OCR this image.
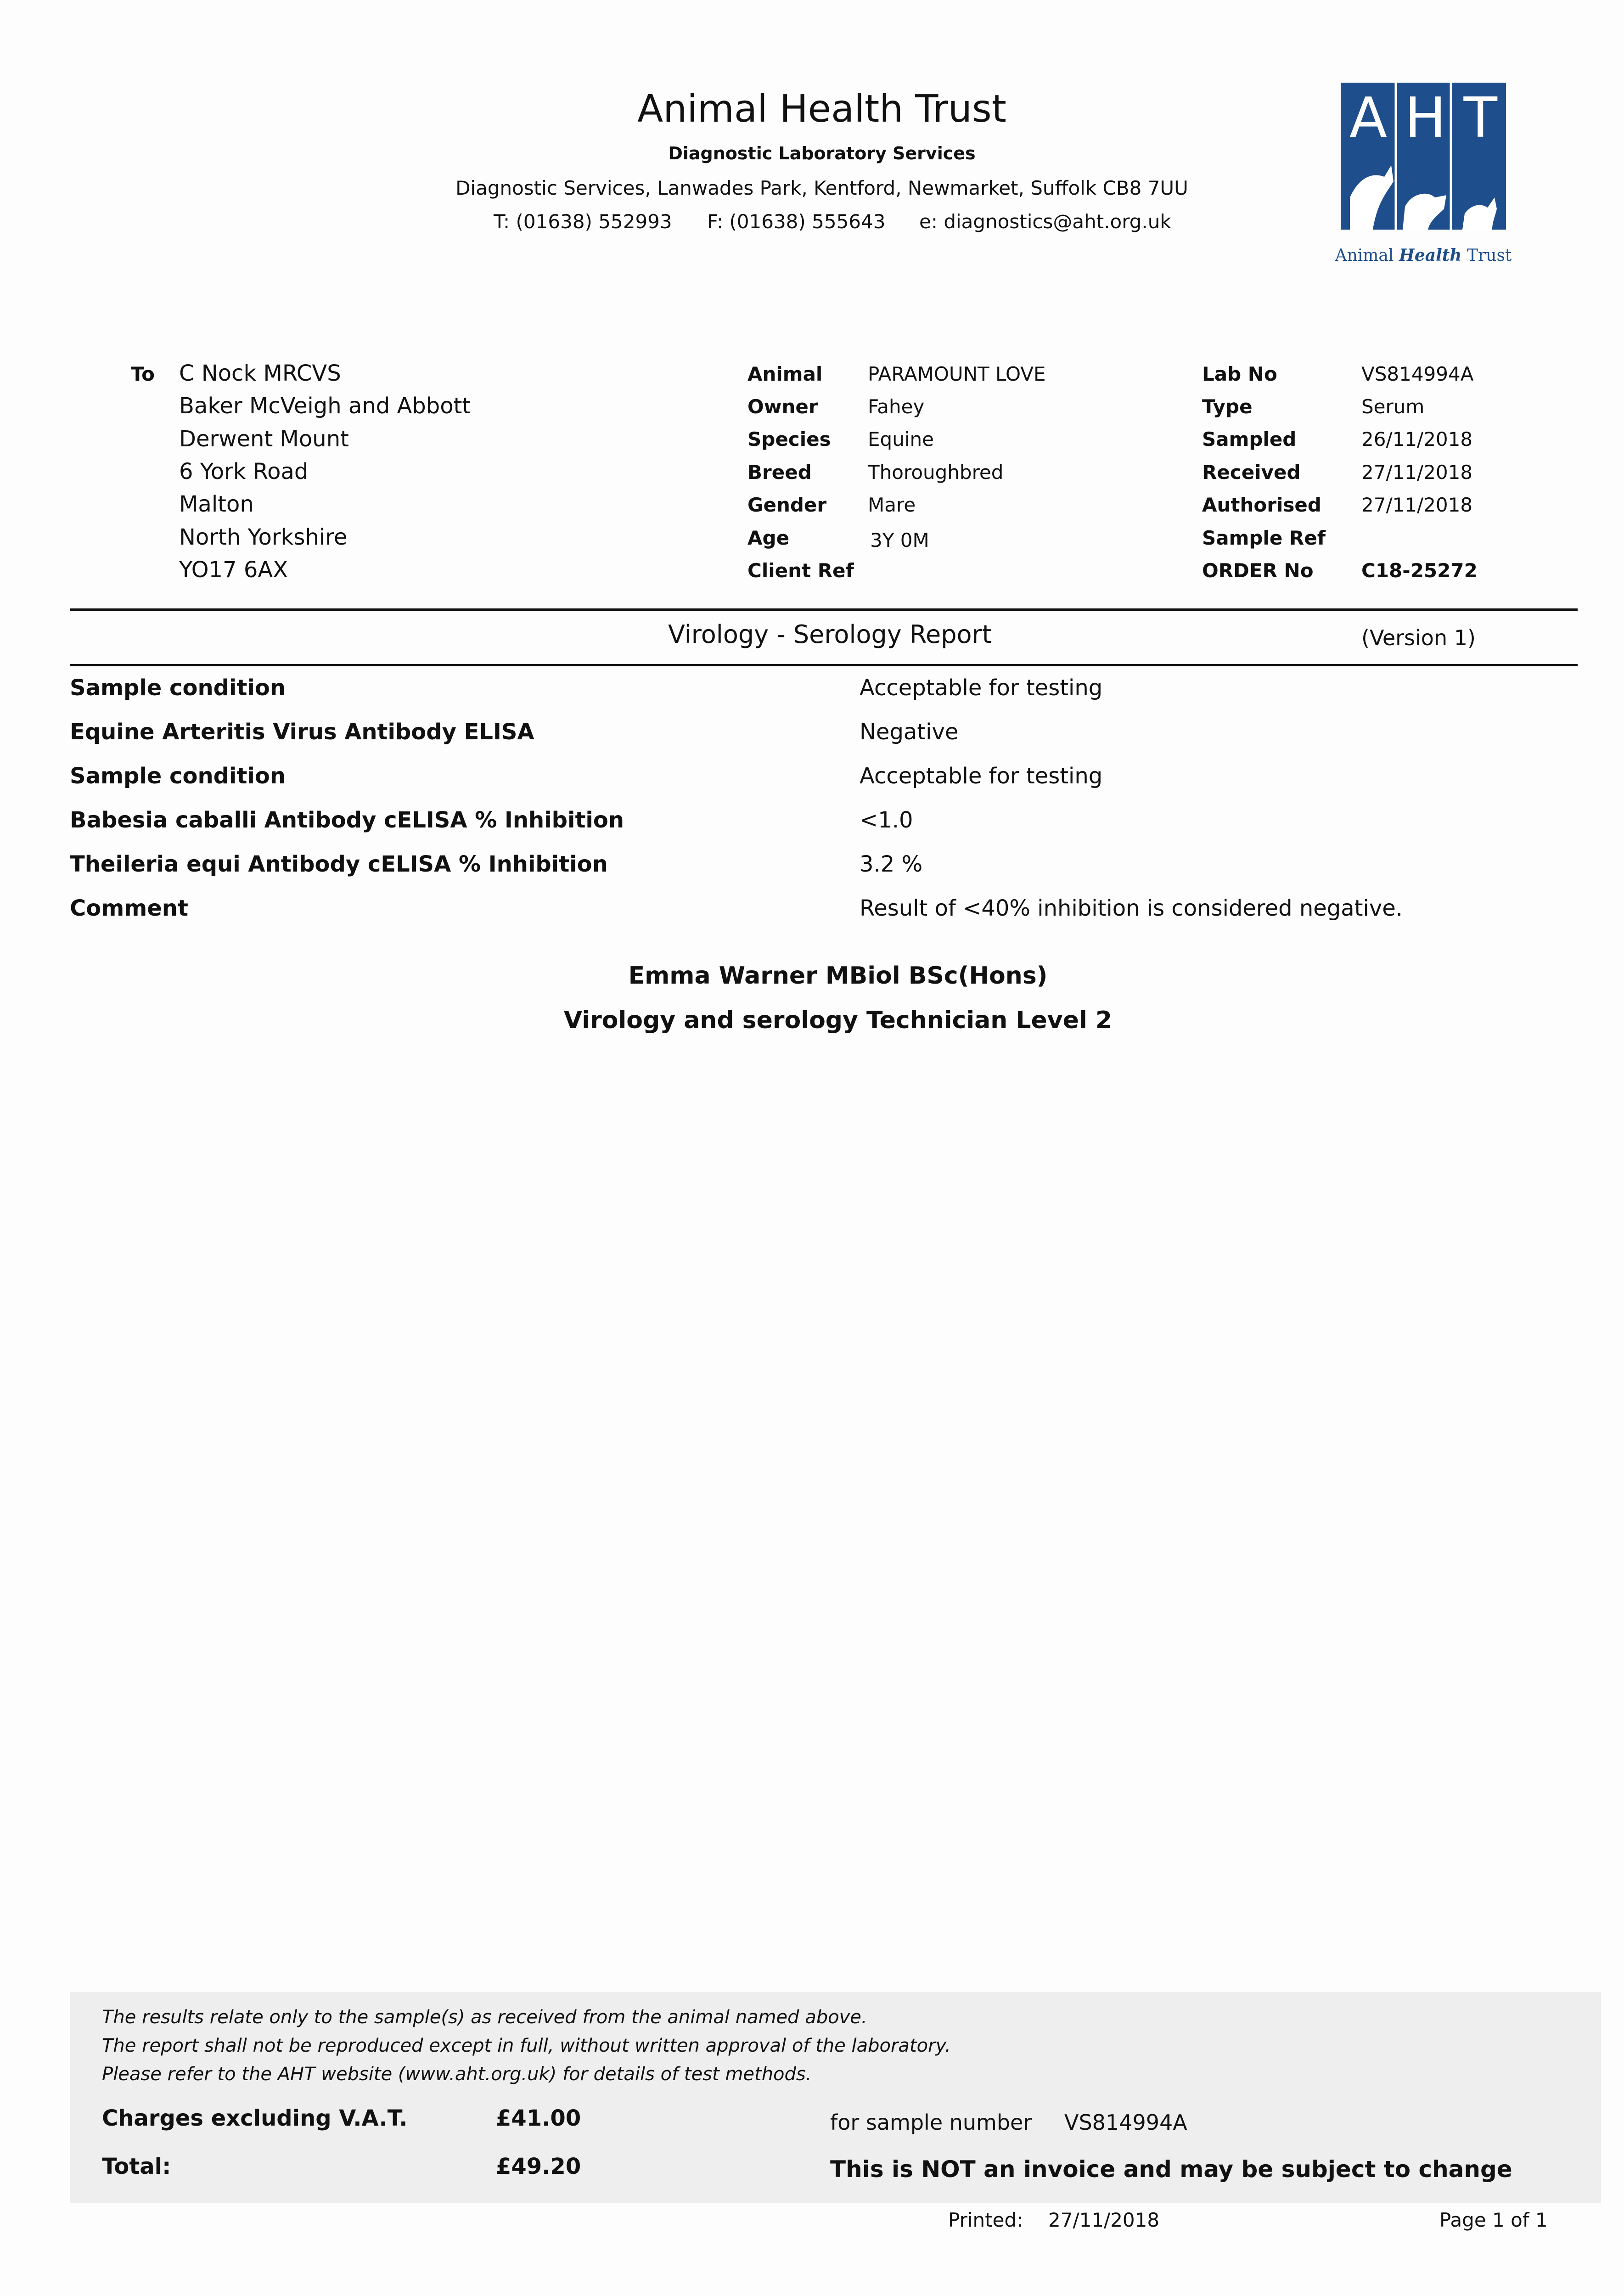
Animal Health Trust
Diagnostic Laboratory Services
Diagnostic Services, Lanwades Park, Kentford, Newmarket, Suffolk CB8 7UU
T: (01638) 552993 F: (01638) 555643 e: diagnostics@aht.org.uk
A H T
Animal Health Trust
To C Nock MRCVS
Baker McVeigh and Abbott
Derwent Mount
6 York Road
Malton
North Yorkshire
YO17 6AX
Animal PARAMOUNT LOVE
Owner	Fahey
Species Equine
Breed	Thoroughbred
Gender Mare
Age	3Y 0M
Client Ref
Lab No	VS814994A
Type	Serum
Sampled	26/11/2018
Received	27/11/2018
Authorised 27/11/2018
Sample Ref
ORDER No C18-25272
Virology - Serology Report	(Version 1)
Sample condition	Acceptable for testing
Equine Arteritis Virus Antibody ELISA	Negative
Sample condition	Acceptable for testing
Babesia caballi Antibody cELISA % Inhibition	<1.0
Theileria equi Antibody cELISA % Inhibition	3.2 %
Comment	Result of <40% inhibition is considered negative.
Emma Warner MBiol BSc(Hons)
Virology and serology Technician Level 2
The results relate only to the sample(s) as received from the animal named above.
The report shall not be reproduced except in full, without written approval of the laboratory.
Please refer to the AHT website (www.aht.org.uk) for details of test methods.
Charges excluding V.A.T.	£41.00	for sample number VS814994A
Total:	£49.20	This is NOT an invoice and may be subject to change
Printed: 27/11/2018	Page 1 of 1
